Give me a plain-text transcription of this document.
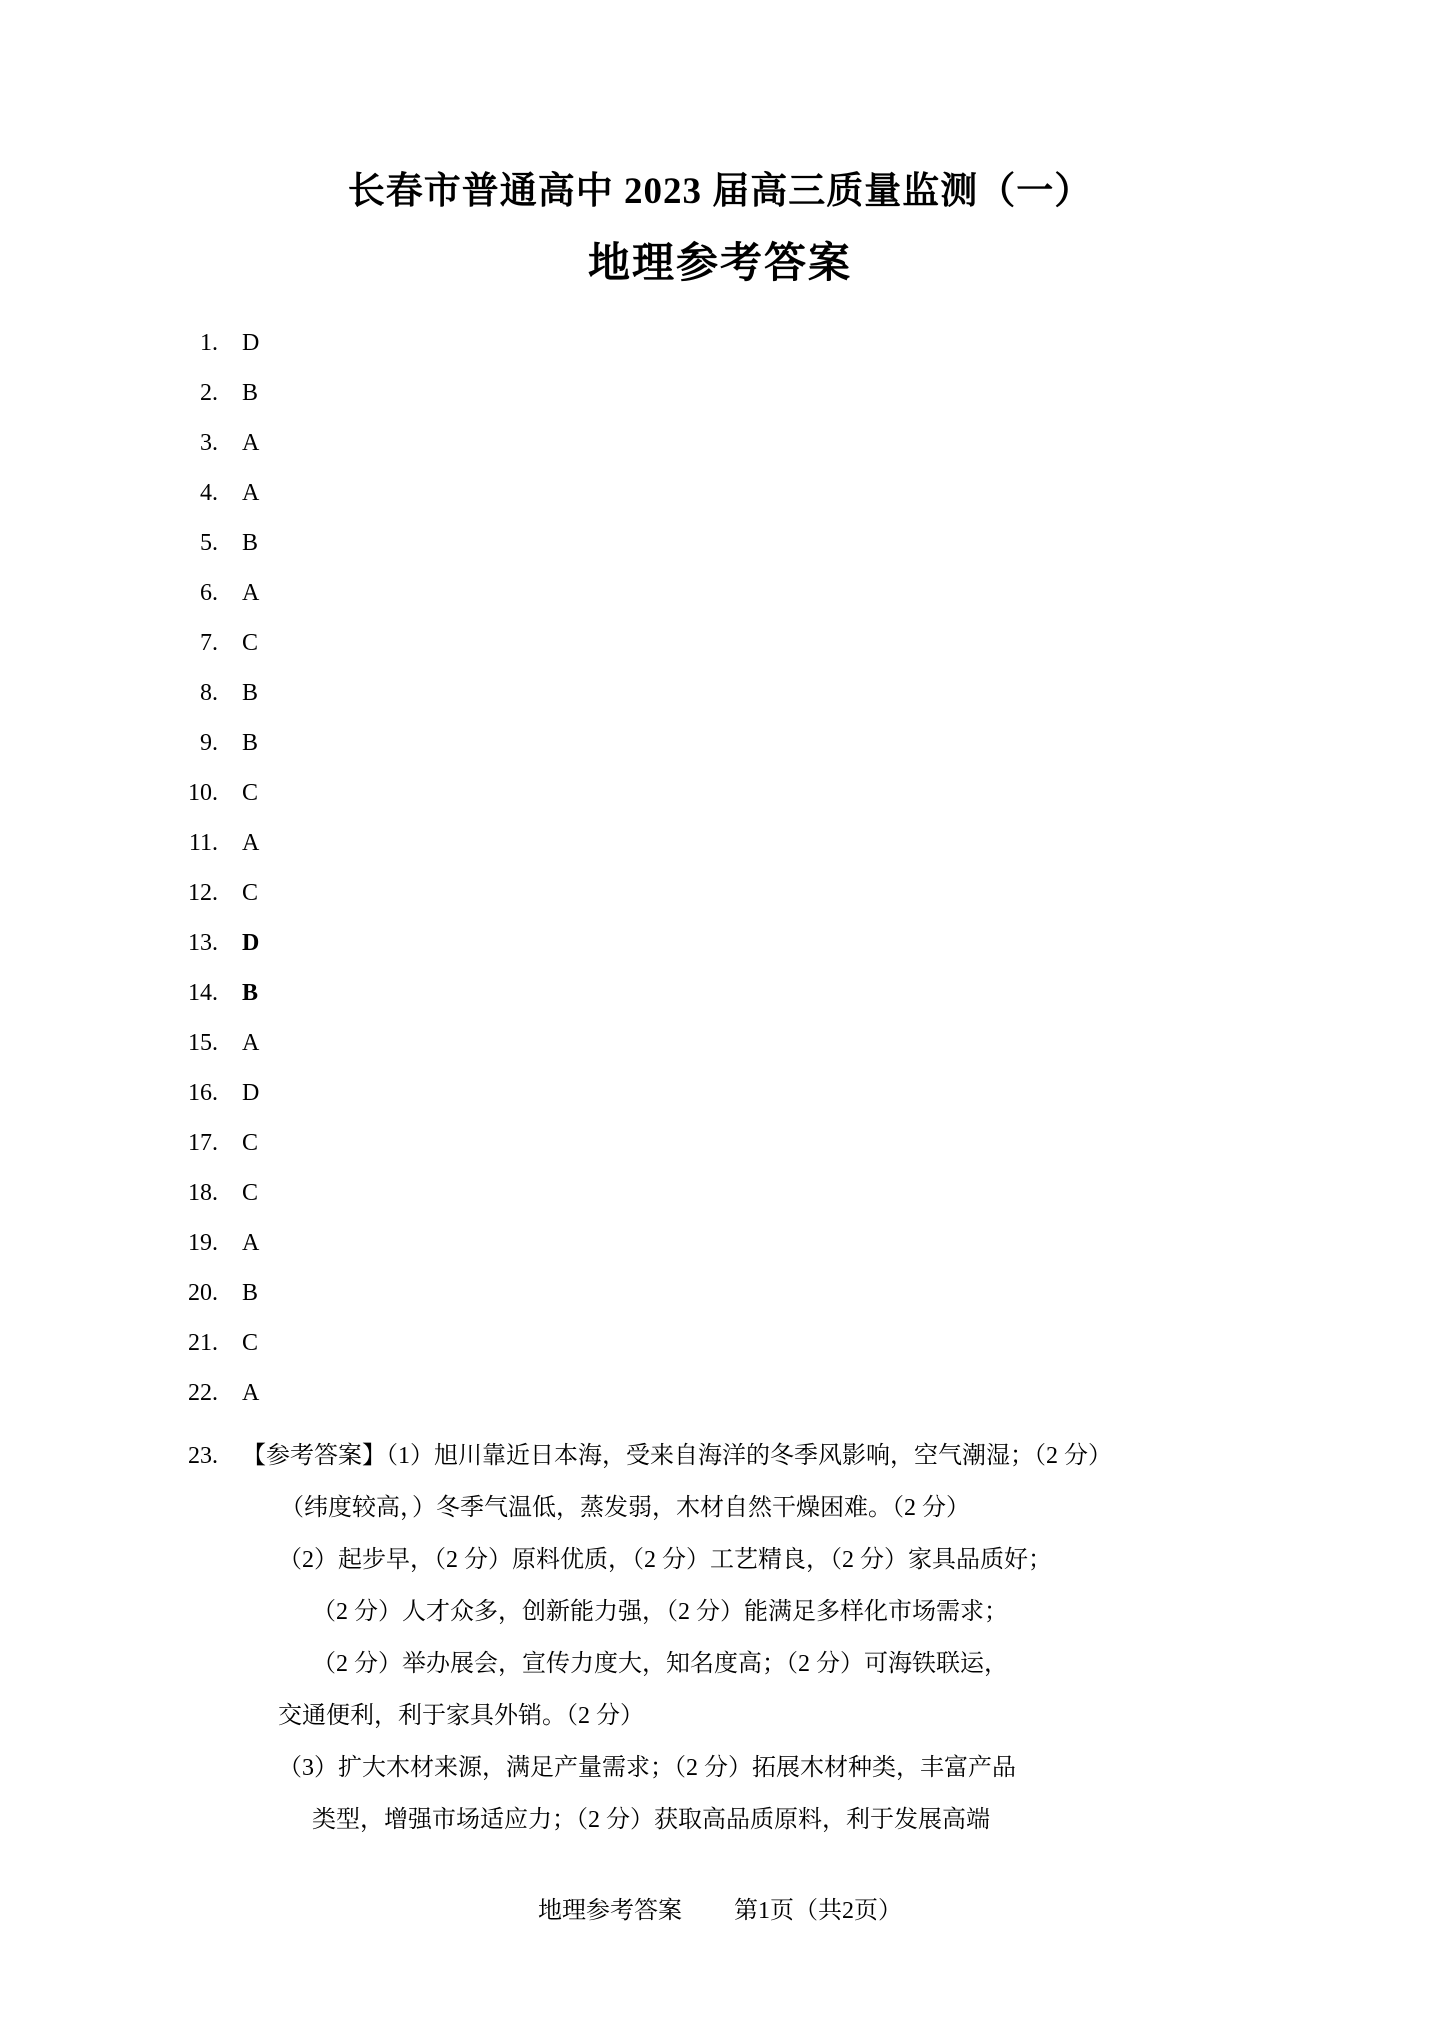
长春市普通高中 2023 届高三质量监测（一）
地理参考答案
1.	D
2.	B
3.	A
4.	A
5.	B
6.	A
7.	C
8.	B
9.	B
10.	C
11.	A
12.	C
13.	D
14.	B
15.	A
16.	D
17.	C
18.	C
19.	A
20.	B
21.	C
22.	A
23. 【参考答案】（1）旭川靠近日本海，受来自海洋的冬季风影响，空气潮湿；（2 分）
（纬度较高，）冬季气温低，蒸发弱，木材自然干燥困难。（2 分）
（2）起步早，（2 分）原料优质，（2 分）工艺精良，（2 分）家具品质好；
（2 分）人才众多，创新能力强，（2 分）能满足多样化市场需求；
（2 分）举办展会，宣传力度大，知名度高；（2 分）可海铁联运，
交通便利，利于家具外销。（2 分）
（3）扩大木材来源，满足产量需求；（2 分）拓展木材种类，丰富产品
类型，增强市场适应力；（2 分）获取高品质原料，利于发展高端
地理参考答案 第1页（共2页）
